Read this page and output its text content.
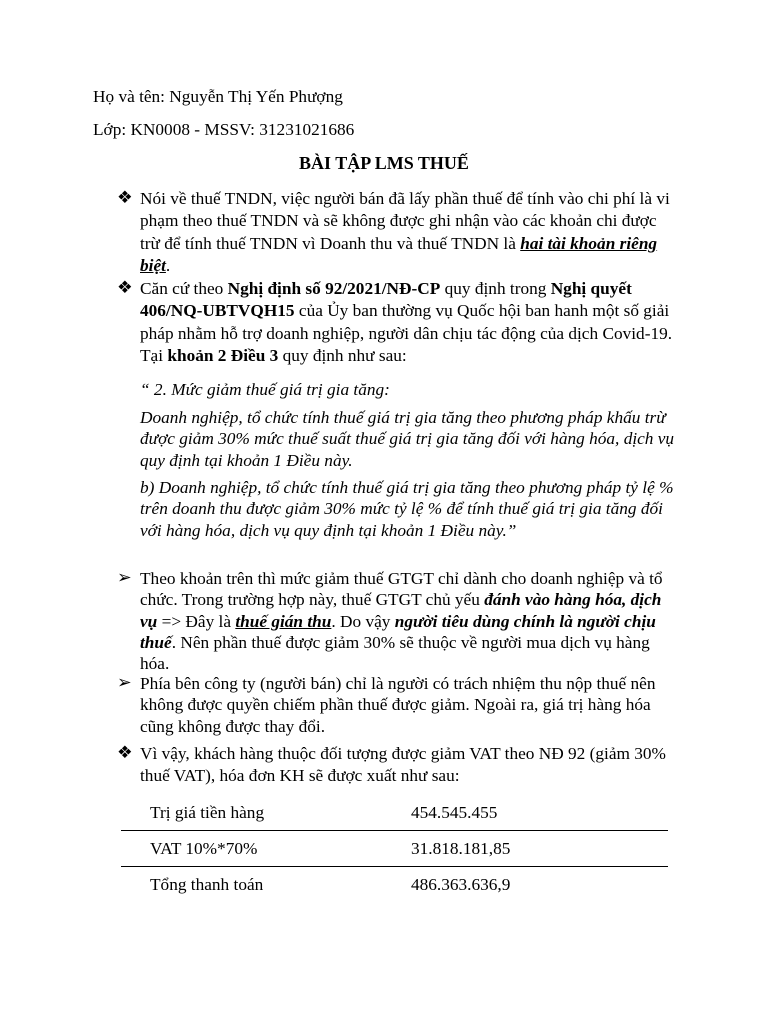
Họ và tên: Nguyễn Thị Yến Phượng
Lớp: KN0008 - MSSV: 31231021686
BÀI TẬP LMS THUẾ
❖ Nói về thuế TNDN, việc người bán đã lấy phần thuế để tính vào chi phí là vi phạm theo thuế TNDN và sẽ không được ghi nhận vào các khoản chi được trừ để tính thuế TNDN vì Doanh thu và thuế TNDN là hai tài khoản riêng biệt.
❖ Căn cứ theo Nghị định số 92/2021/NĐ-CP quy định trong Nghị quyết 406/NQ-UBTVQH15 của Ủy ban thường vụ Quốc hội ban hanh một số giải pháp nhằm hỗ trợ doanh nghiệp, người dân chịu tác động của dịch Covid-19. Tại khoản 2 Điều 3 quy định như sau:
“ 2. Mức giảm thuế giá trị gia tăng:
Doanh nghiệp, tổ chức tính thuế giá trị gia tăng theo phương pháp khấu trừ được giảm 30% mức thuế suất thuế giá trị gia tăng đối với hàng hóa, dịch vụ quy định tại khoản 1 Điều này.
b) Doanh nghiệp, tổ chức tính thuế giá trị gia tăng theo phương pháp tỷ lệ % trên doanh thu được giảm 30% mức tỷ lệ % để tính thuế giá trị gia tăng đối với hàng hóa, dịch vụ quy định tại khoản 1 Điều này.”
➢ Theo khoản trên thì mức giảm thuế GTGT chỉ dành cho doanh nghiệp và tổ chức. Trong trường hợp này, thuế GTGT chủ yếu đánh vào hàng hóa, dịch vụ => Đây là thuế gián thu. Do vậy người tiêu dùng chính là người chịu thuế. Nên phần thuế được giảm 30% sẽ thuộc về người mua dịch vụ hàng hóa.
➢ Phía bên công ty (người bán) chỉ là người có trách nhiệm thu nộp thuế nên không được quyền chiếm phần thuế được giảm. Ngoài ra, giá trị hàng hóa cũng không được thay đổi.
❖ Vì vậy, khách hàng thuộc đối tượng được giảm VAT theo NĐ 92 (giảm 30% thuế VAT), hóa đơn KH sẽ được xuất như sau:
Trị giá tiền hàng	454.545.455
VAT 10%*70%	31.818.181,85
Tổng thanh toán	486.363.636,9
